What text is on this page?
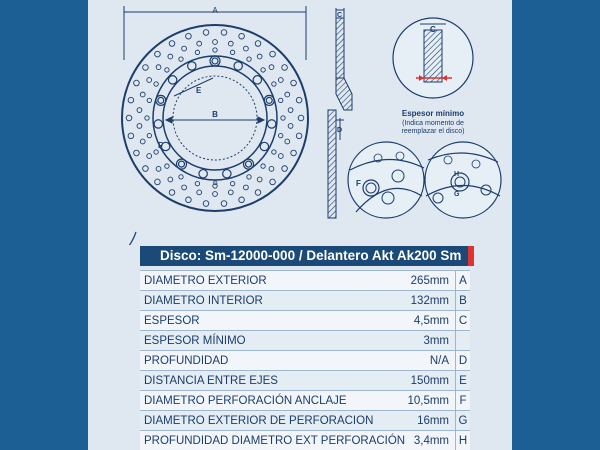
A
B
E
F
G
C
D
C
Espesor mínimo
(Indica momento de
reemplazar el disco)
F
H
G
Disco: Sm-12000-000 / Delantero Akt Ak200 Sm
DIAMETRO EXTERIOR	265mm	A
DIAMETRO INTERIOR	132mm	B
ESPESOR	4,5mm	C
ESPESOR MÍNIMO	3mm	
PROFUNDIDAD	N/A	D
DISTANCIA ENTRE EJES	150mm	E
DIAMETRO PERFORACIÓN ANCLAJE	10,5mm	F
DIAMETRO EXTERIOR DE PERFORACION	16mm	G
PROFUNDIDAD DIAMETRO EXT PERFORACIÓN	3,4mm	H
